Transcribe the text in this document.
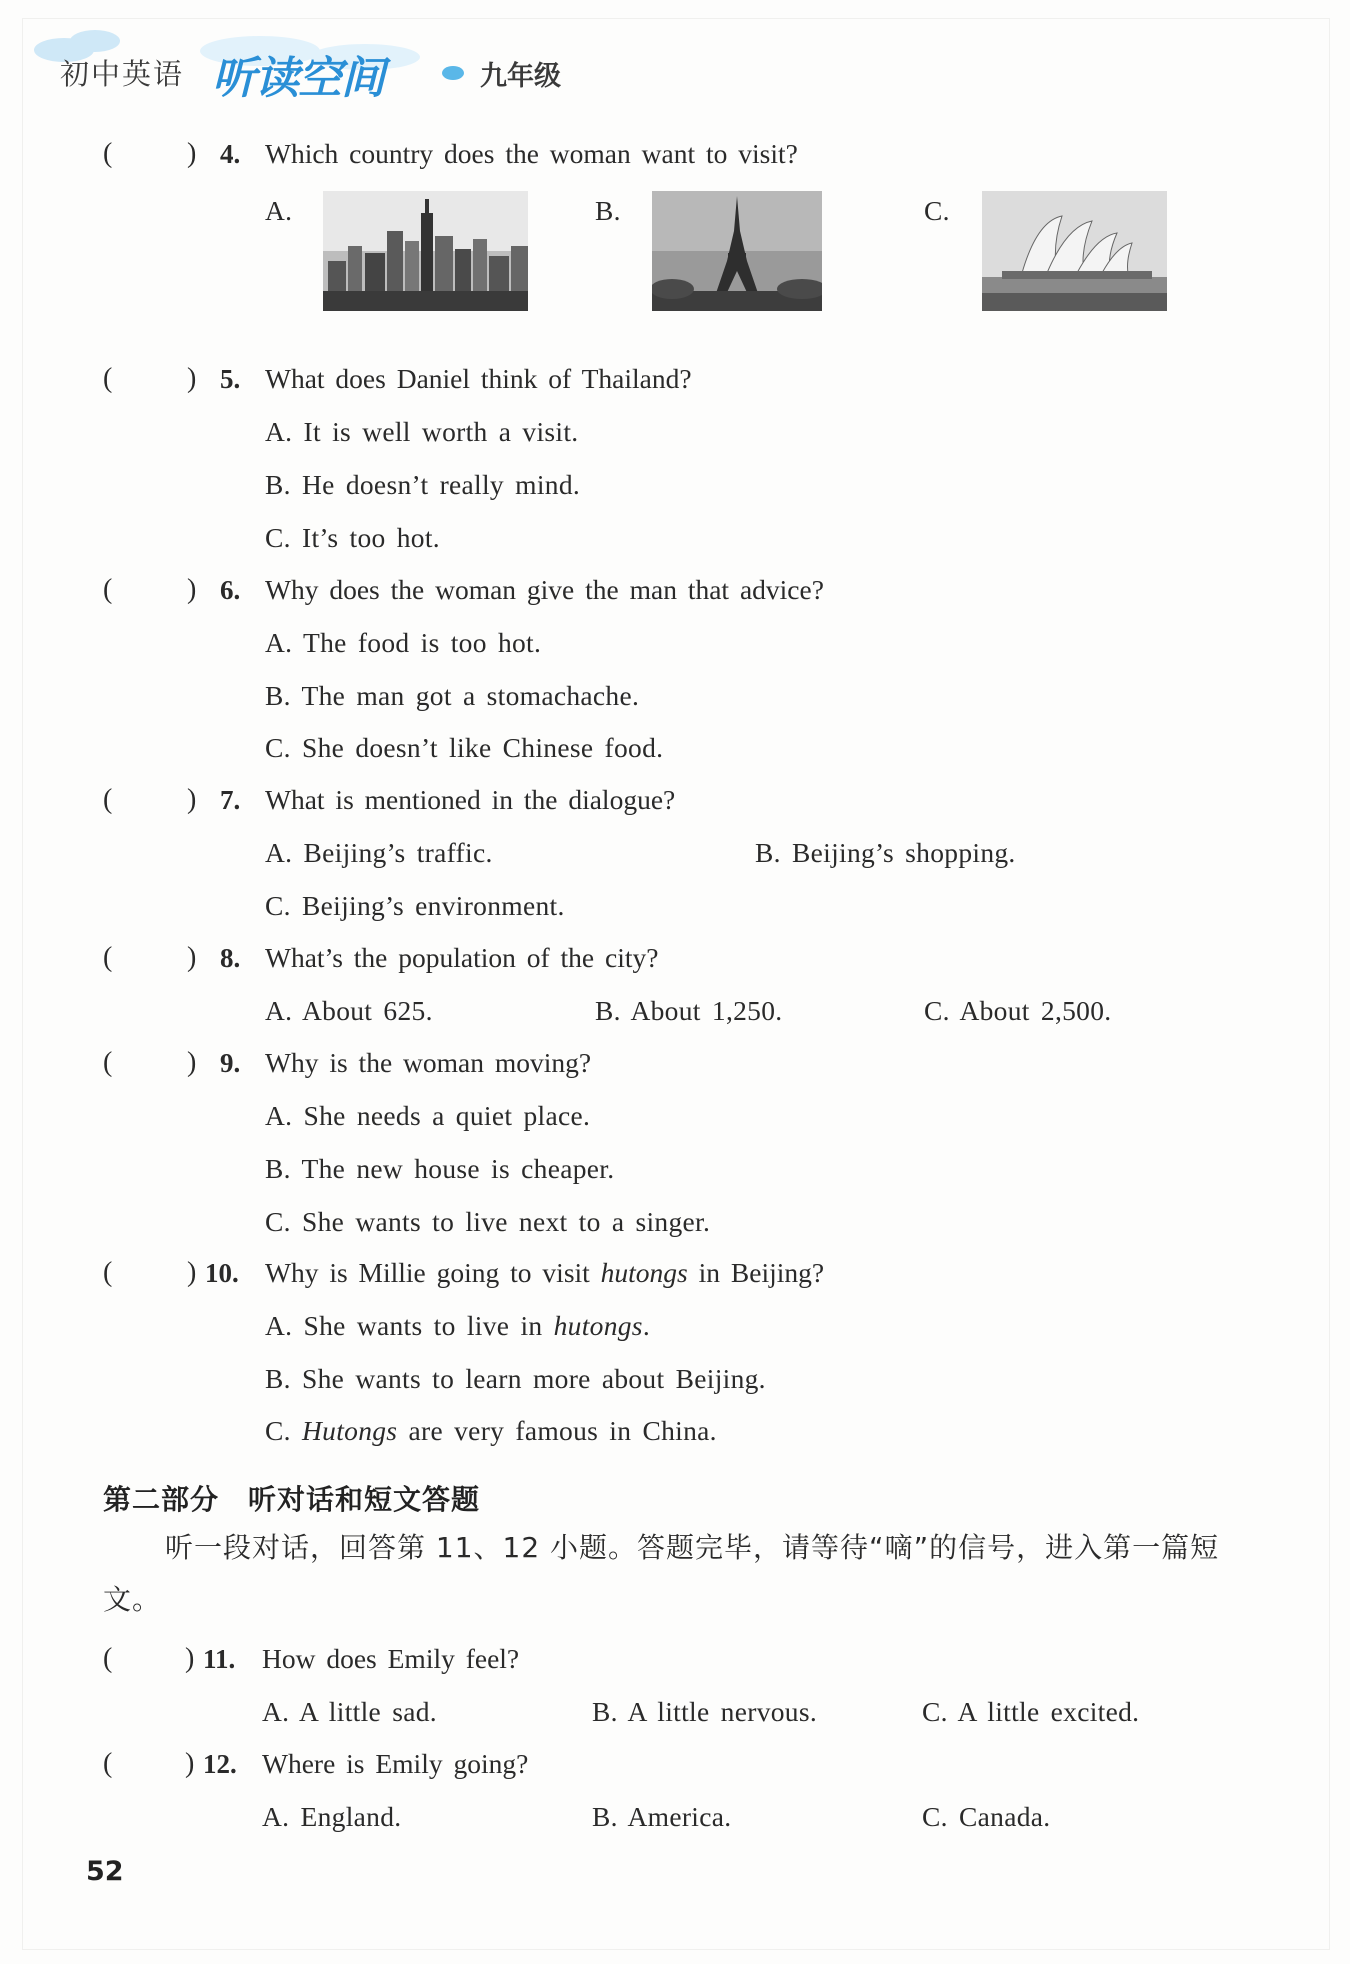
初中英语 听读空间	九年级
(	) 4. Which country does the woman want to visit?
A.	B.	C.
(	) 5. What does Daniel think of Thailand?
A. It is well worth a visit.
B. He doesn’t really mind.
C. It’s too hot.
(	) 6. Why does the woman give the man that advice?
A. The food is too hot.
B. The man got a stomachache.
C. She doesn’t like Chinese food.
(	) 7. What is mentioned in the dialogue?
A. Beijing’s traffic.	B. Beijing’s shopping.
C. Beijing’s environment.
(	) 8. What’s the population of the city?
A. About 625.	B. About 1,250.	C. About 2,500.
(	) 9. Why is the woman moving?
A. She needs a quiet place.
B. The new house is cheaper.
C. She wants to live next to a singer.
(	) 10. Why is Millie going to visit hutongs in Beijing?
A. She wants to live in hutongs.
B. She wants to learn more about Beijing.
C. Hutongs are very famous in China.
第二部分　听对话和短文答题
听一段对话，回答第 11、12 小题。答题完毕，请等待“嘀”的信号，进入第一篇短文。
(	) 11. How does Emily feel?
A. A little sad.	B. A little nervous.	C. A little excited.
(	) 12. Where is Emily going?
A. England.	B. America.	C. Canada.
52
